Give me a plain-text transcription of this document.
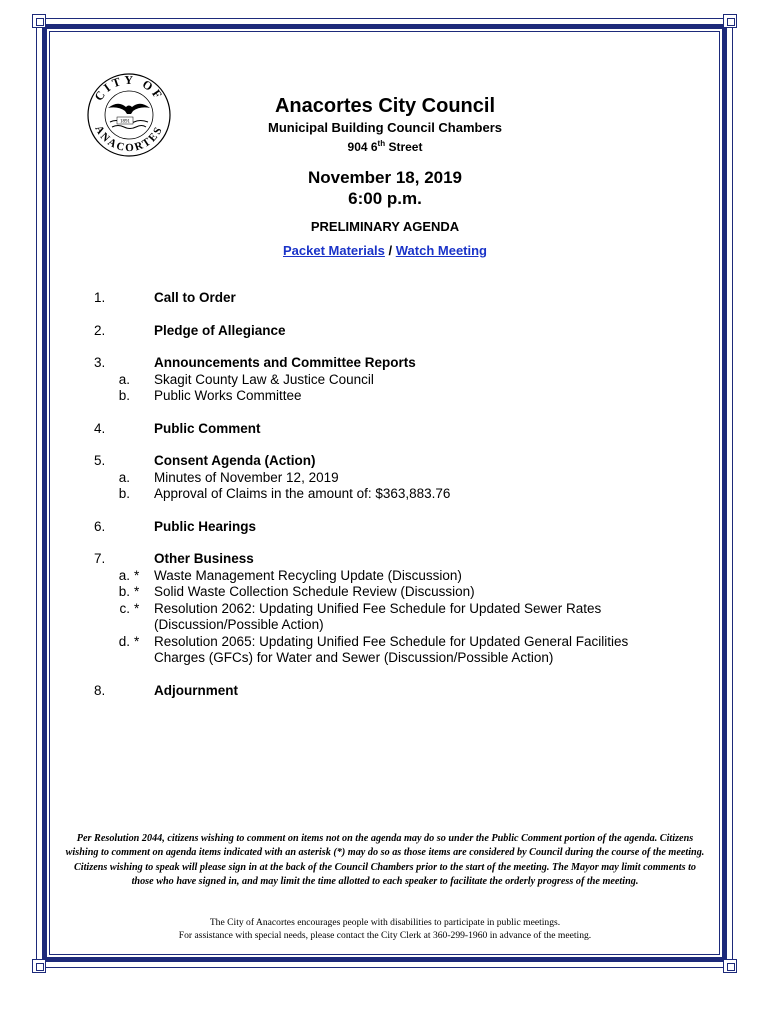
CITY OF
ANACORTES
1891
Anacortes City Council

Municipal Building Council Chambers

904 6th Street

November 18, 2019

6:00 p.m.

PRELIMINARY AGENDA

Packet Materials / Watch Meeting

1.	Call to Order
2.	Pledge of Allegiance
3.	Announcements and Committee Reports
a. Skagit County Law & Justice Council
b. Public Works Committee
4.	Public Comment
5.	Consent Agenda (Action)
a. Minutes of November 12, 2019
b. Approval of Claims in the amount of: $363,883.76
6.	Public Hearings
7.	Other Business
a. *	Waste Management Recycling Update (Discussion)
b. *	Solid Waste Collection Schedule Review (Discussion)
c. *	Resolution 2062: Updating Unified Fee Schedule for Updated Sewer Rates (Discussion/Possible Action)
d. *	Resolution 2065: Updating Unified Fee Schedule for Updated General Facilities Charges (GFCs) for Water and Sewer (Discussion/Possible Action)
8.	Adjournment

Per Resolution 2044, citizens wishing to comment on items not on the agenda may do so under the Public Comment portion of the agenda. Citizens wishing to comment on agenda items indicated with an asterisk (*) may do so as those items are considered by Council during the course of the meeting. Citizens wishing to speak will please sign in at the back of the Council Chambers prior to the start of the meeting. The Mayor may limit comments to those who have signed in, and may limit the time allotted to each speaker to facilitate the orderly progress of the meeting.

The City of Anacortes encourages people with disabilities to participate in public meetings.
For assistance with special needs, please contact the City Clerk at 360-299-1960 in advance of the meeting.
